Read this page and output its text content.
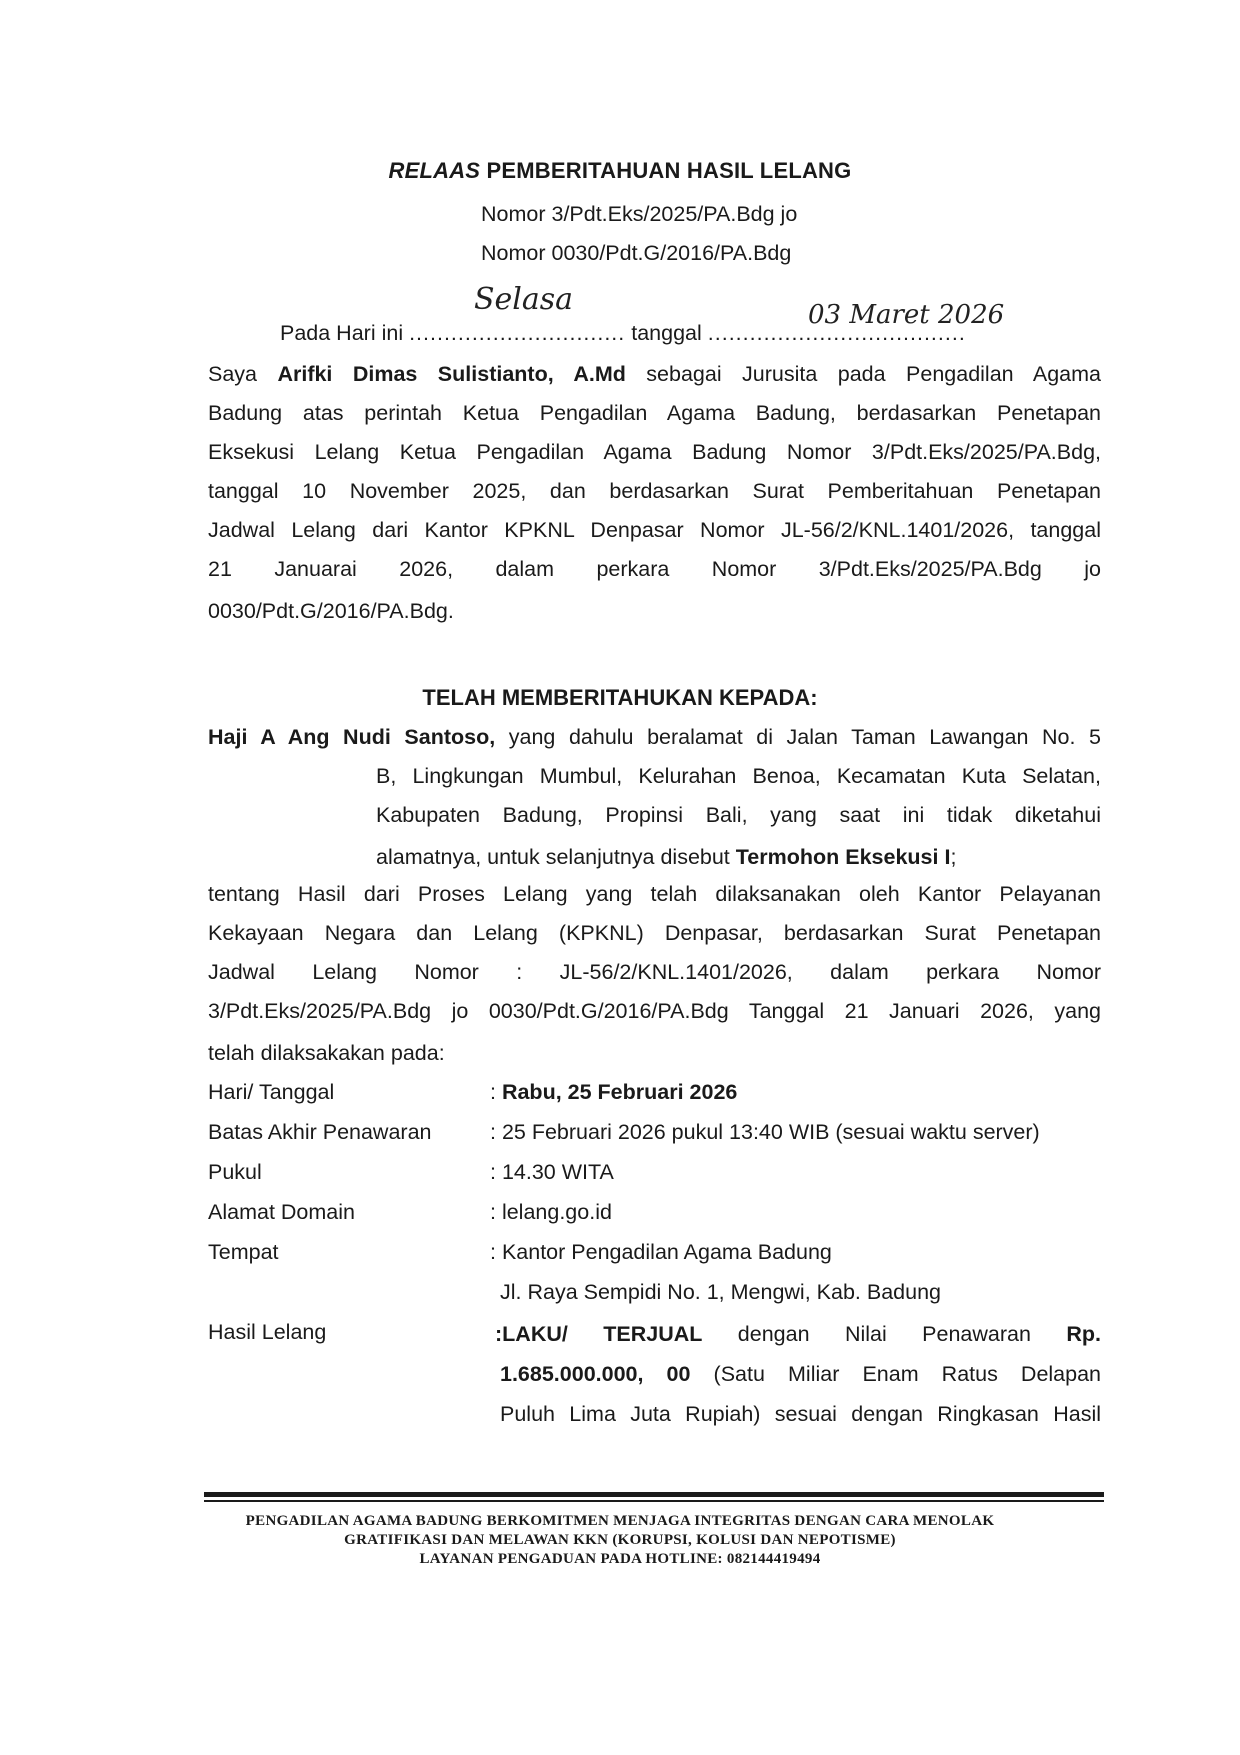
RELAAS PEMBERITAHUAN HASIL LELANG
Nomor 3/Pdt.Eks/2025/PA.Bdg jo
Nomor 0030/Pdt.G/2016/PA.Bdg
Selasa	03 Maret 2026
Pada Hari ini ............................... tanggal .....................................
Saya Arifki Dimas Sulistianto, A.Md sebagai Jurusita pada Pengadilan Agama
Badung atas perintah Ketua Pengadilan Agama Badung, berdasarkan Penetapan
Eksekusi Lelang Ketua Pengadilan Agama Badung Nomor 3/Pdt.Eks/2025/PA.Bdg,
tanggal 10 November 2025, dan berdasarkan Surat Pemberitahuan Penetapan
Jadwal Lelang dari Kantor KPKNL Denpasar Nomor JL-56/2/KNL.1401/2026, tanggal
21 Januarai 2026, dalam perkara Nomor 3/Pdt.Eks/2025/PA.Bdg jo
0030/Pdt.G/2016/PA.Bdg.
TELAH MEMBERITAHUKAN KEPADA:
Haji A Ang Nudi Santoso, yang dahulu beralamat di Jalan Taman Lawangan No. 5
B, Lingkungan Mumbul, Kelurahan Benoa, Kecamatan Kuta Selatan,
Kabupaten Badung, Propinsi Bali, yang saat ini tidak diketahui
alamatnya, untuk selanjutnya disebut Termohon Eksekusi I;
tentang Hasil dari Proses Lelang yang telah dilaksanakan oleh Kantor Pelayanan
Kekayaan Negara dan Lelang (KPKNL) Denpasar, berdasarkan Surat Penetapan
Jadwal Lelang Nomor : JL-56/2/KNL.1401/2026, dalam perkara Nomor
3/Pdt.Eks/2025/PA.Bdg jo 0030/Pdt.G/2016/PA.Bdg Tanggal 21 Januari 2026, yang
telah dilaksakakan pada:
Hari/ Tanggal	: Rabu, 25 Februari 2026
Batas Akhir Penawaran	: 25 Februari 2026 pukul 13:40 WIB (sesuai waktu server)
Pukul	: 14.30 WITA
Alamat Domain	: lelang.go.id
Tempat	: Kantor Pengadilan Agama Badung
Jl. Raya Sempidi No. 1, Mengwi, Kab. Badung
Hasil Lelang	:LAKU/ TERJUAL dengan Nilai Penawaran Rp.
1.685.000.000, 00 (Satu Miliar Enam Ratus Delapan
Puluh Lima Juta Rupiah) sesuai dengan Ringkasan Hasil
PENGADILAN AGAMA BADUNG BERKOMITMEN MENJAGA INTEGRITAS DENGAN CARA MENOLAK
GRATIFIKASI DAN MELAWAN KKN (KORUPSI, KOLUSI DAN NEPOTISME)
LAYANAN PENGADUAN PADA HOTLINE: 082144419494
